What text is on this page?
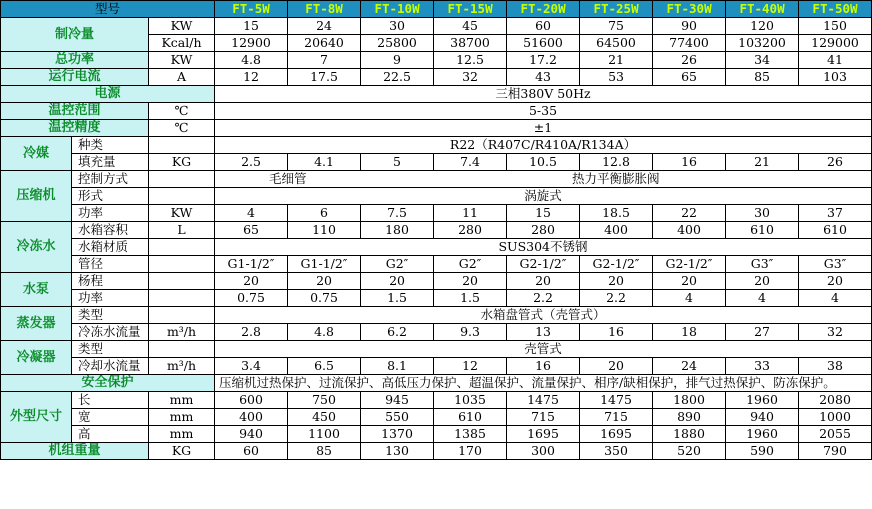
型号			FT-5W	FT-8W	FT-10W	FT-15W	FT-20W	FT-25W	FT-30W	FT-40W	FT-50W
制冷量		KW	15	24	30	45	60	75	90	120	150
		Kcal/h	12900	20640	25800	38700	51600	64500	77400	103200	129000
总功率		KW	4.8	7	9	12.5	17.2	21	26	34	41
运行电流		A	12	17.5	22.5	32	43	53	65	85	103
电源			三相380V 50Hz								
温控范围		℃	5-35								
温控精度		℃	±1								
冷媒	种类		R22（R407C/R410A/R134A）								
	填充量	KG	2.5	4.1	5	7.4	10.5	12.8	16	21	26
压缩机	控制方式		毛细管		热力平衡膨胀阀						
	形式		涡旋式								
	功率	KW	4	6	7.5	11	15	18.5	22	30	37
冷冻水	水箱容积	L	65	110	180	280	280	400	400	610	610
	水箱材质		SUS304不锈钢								
	管径		G1-1/2″	G1-1/2″	G2″	G2″	G2-1/2″	G2-1/2″	G2-1/2″	G3″	G3″
水泵	杨程		20	20	20	20	20	20	20	20	20
	功率		0.75	0.75	1.5	1.5	2.2	2.2	4	4	4
蒸发器	类型		水箱盘管式（壳管式）								
	冷冻水流量	m³/h	2.8	4.8	6.2	9.3	13	16	18	27	32
冷凝器	类型		壳管式								
	冷却水流量	m³/h	3.4	6.5	8.1	12	16	20	24	33	38
安全保护			压缩机过热保护、过流保护、高低压力保护、超温保护、流量保护、相序/缺相保护，排气过热保护、防冻保护。								
外型尺寸	长	mm	600	750	945	1035	1475	1475	1800	1960	2080
	宽	mm	400	450	550	610	715	715	890	940	1000
	高	mm	940	1100	1370	1385	1695	1695	1880	1960	2055
机组重量		KG	60	85	130	170	300	350	520	590	790
